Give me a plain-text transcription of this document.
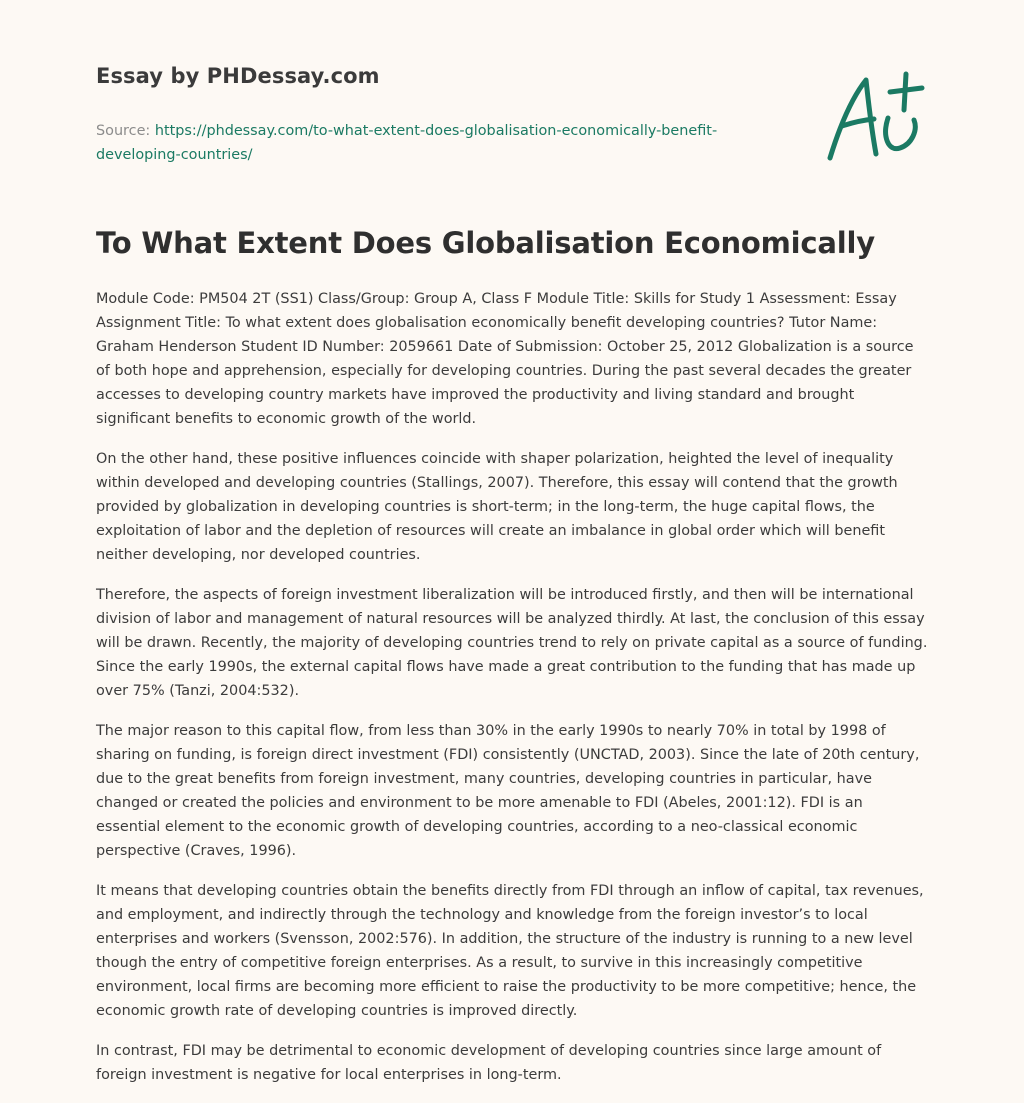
Essay by PHDessay.com
Source: https://phdessay.com/to-what-extent-does-globalisation-economically-benefit-developing-countries/
To What Extent Does Globalisation Economically

Module Code: PM504 2T (SS1) Class/Group: Group A, Class F Module Title: Skills for Study 1 Assessment: Essay Assignment Title: To what extent does globalisation economically benefit developing countries? Tutor Name: Graham Henderson Student ID Number: 2059661 Date of Submission: October 25, 2012 Globalization is a source of both hope and apprehension, especially for developing countries. During the past several decades the greater accesses to developing country markets have improved the productivity and living standard and brought significant benefits to economic growth of the world.

On the other hand, these positive influences coincide with shaper polarization, heighted the level of inequality within developed and developing countries (Stallings, 2007). Therefore, this essay will contend that the growth provided by globalization in developing countries is short-term; in the long-term, the huge capital flows, the exploitation of labor and the depletion of resources will create an imbalance in global order which will benefit neither developing, nor developed countries.

Therefore, the aspects of foreign investment liberalization will be introduced firstly, and then will be international division of labor and management of natural resources will be analyzed thirdly. At last, the conclusion of this essay will be drawn. Recently, the majority of developing countries trend to rely on private capital as a source of funding. Since the early 1990s, the external capital flows have made a great contribution to the funding that has made up over 75% (Tanzi, 2004:532).

The major reason to this capital flow, from less than 30% in the early 1990s to nearly 70% in total by 1998 of sharing on funding, is foreign direct investment (FDI) consistently (UNCTAD, 2003). Since the late of 20th century, due to the great benefits from foreign investment, many countries, developing countries in particular, have changed or created the policies and environment to be more amenable to FDI (Abeles, 2001:12). FDI is an essential element to the economic growth of developing countries, according to a neo-classical economic perspective (Craves, 1996).

It means that developing countries obtain the benefits directly from FDI through an inflow of capital, tax revenues, and employment, and indirectly through the technology and knowledge from the foreign investor’s to local enterprises and workers (Svensson, 2002:576). In addition, the structure of the industry is running to a new level though the entry of competitive foreign enterprises. As a result, to survive in this increasingly competitive environment, local firms are becoming more efficient to raise the productivity to be more competitive; hence, the economic growth rate of developing countries is improved directly.

In contrast, FDI may be detrimental to economic development of developing countries since large amount of foreign investment is negative for local enterprises in long-term.
